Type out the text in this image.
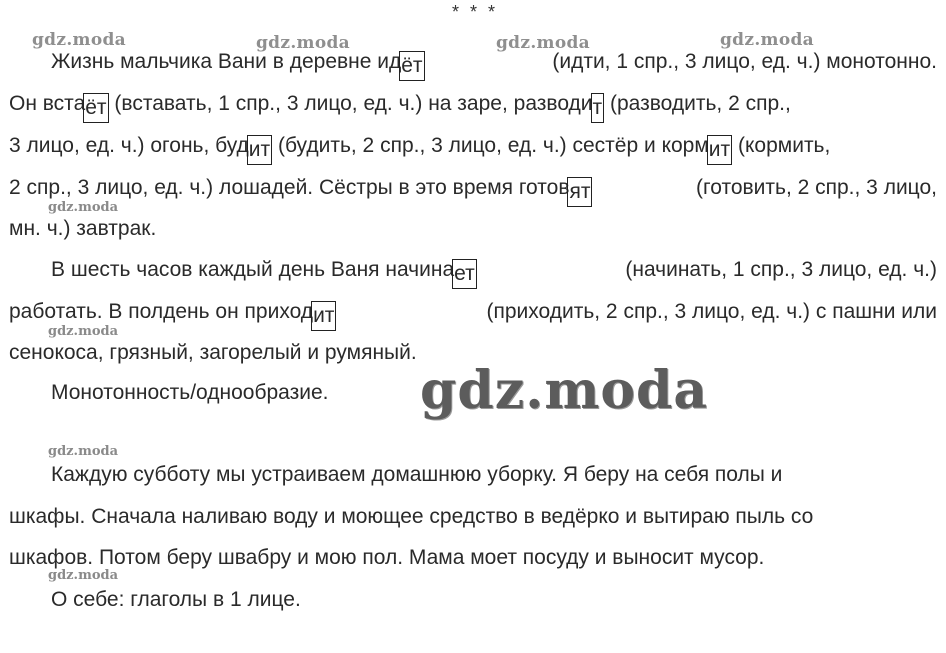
* * *
gdz.moda	gdz.moda	gdz.moda	gdz.moda
gdz.moda
gdz.moda
gdz.moda
gdz.moda
gdz.moda
Жизнь мальчика Вани в деревне идёт	(идти, 1 спр., 3 лицо, ед. ч.) монотонно.
Он встаёт (вставать, 1 спр., 3 лицо, ед. ч.) на заре, разводит (разводить, 2 спр.,
3 лицо, ед. ч.) огонь, будит (будить, 2 спр., 3 лицо, ед. ч.) сестёр и кормит (кормить,
2 спр., 3 лицо, ед. ч.) лошадей. Сёстры в это время готовят	(готовить, 2 спр., 3 лицо,
мн. ч.) завтрак.
В шесть часов каждый день Ваня начинает	(начинать, 1 спр., 3 лицо, ед. ч.)
работать. В полдень он приходит	(приходить, 2 спр., 3 лицо, ед. ч.) с пашни или
сенокоса, грязный, загорелый и румяный.
Монотонность/однообразие.
Каждую субботу мы устраиваем домашнюю уборку. Я беру на себя полы и
шкафы. Сначала наливаю воду и моющее средство в ведёрко и вытираю пыль со
шкафов. Потом беру швабру и мою пол. Мама моет посуду и выносит мусор.
О себе: глаголы в 1 лице.
